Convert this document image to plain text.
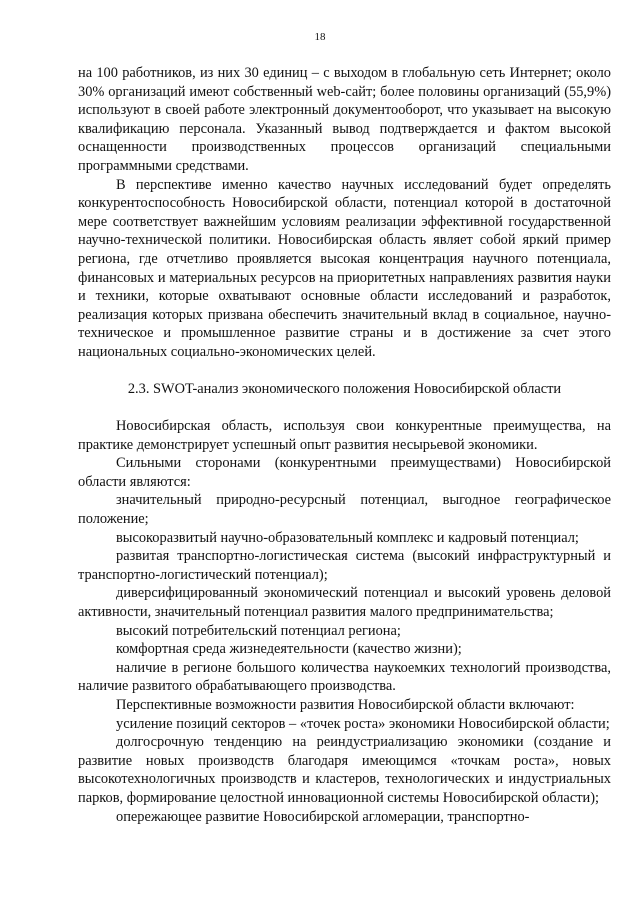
18

на 100 работников, из них 30 единиц – с выходом в глобальную сеть Интернет; около 30% организаций имеют собственный web-сайт; более половины организаций (55,9%) используют в своей работе электронный документооборот, что указывает на высокую квалификацию персонала. Указанный вывод подтверждается и фактом высокой оснащенности производственных процессов организаций специальными программными средствами.

В перспективе именно качество научных исследований будет определять конкурентоспособность Новосибирской области, потенциал которой в достаточной мере соответствует важнейшим условиям реализации эффективной государственной научно-технической политики. Новосибирская область являет собой яркий пример региона, где отчетливо проявляется высокая концентрация научного потенциала, финансовых и материальных ресурсов на приоритетных направлениях развития науки и техники, которые охватывают основные области исследований и разработок, реализация которых призвана обеспечить значительный вклад в социальное, научно-техническое и промышленное развитие страны и в достижение за счет этого национальных социально-экономических целей.

2.3. SWOT-анализ экономического положения Новосибирской области

Новосибирская область, используя свои конкурентные преимущества, на практике демонстрирует успешный опыт развития несырьевой экономики.

Сильными сторонами (конкурентными преимуществами) Новосибирской области являются:

значительный природно-ресурсный потенциал, выгодное географическое положение;

высокоразвитый научно-образовательный комплекс и кадровый потенциал;

развитая транспортно-логистическая система (высокий инфраструктурный и транспортно-логистический потенциал);

диверсифицированный экономический потенциал и высокий уровень деловой активности, значительный потенциал развития малого предпринимательства;

высокий потребительский потенциал региона;

комфортная среда жизнедеятельности (качество жизни);

наличие в регионе большого количества наукоемких технологий производства, наличие развитого обрабатывающего производства.

Перспективные возможности развития Новосибирской области включают:

усиление позиций секторов – «точек роста» экономики Новосибирской области;

долгосрочную тенденцию на реиндустриализацию экономики (создание и развитие новых производств благодаря имеющимся «точкам роста», новых высокотехнологичных производств и кластеров, технологических и индустриальных парков, формирование целостной инновационной системы Новосибирской области);

опережающее развитие Новосибирской агломерации, транспортно-
